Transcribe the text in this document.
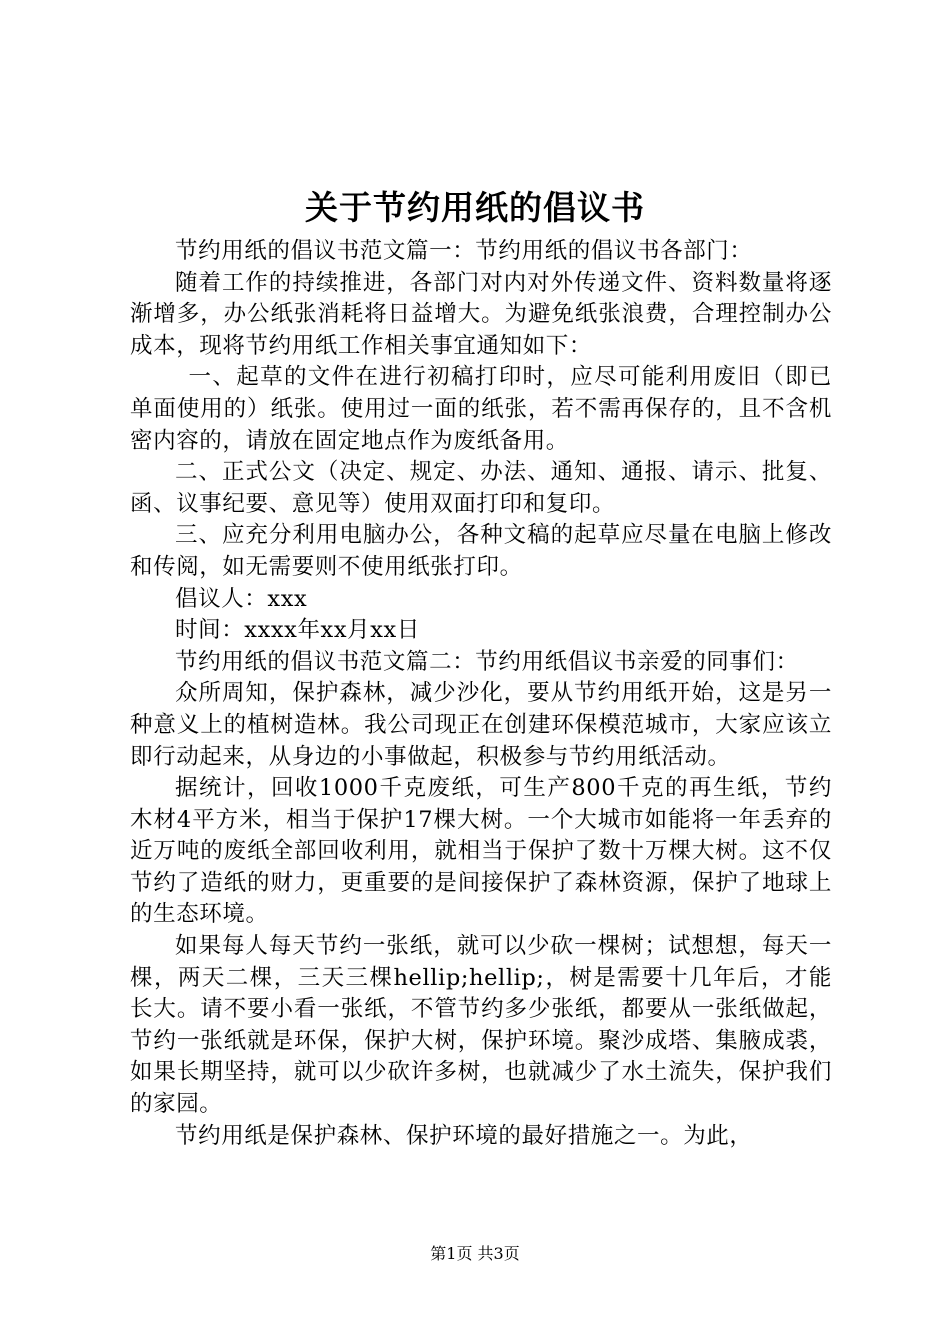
关于节约用纸的倡议书

节约用纸的倡议书范文篇一：节约用纸的倡议书各部门：

随着工作的持续推进，各部门对内对外传递文件、资料数量将逐渐增多，办公纸张消耗将日益增大。为避免纸张浪费，合理控制办公成本，现将节约用纸工作相关事宜通知如下：

一、起草的文件在进行初稿打印时，应尽可能利用废旧（即已单面使用的）纸张。使用过一面的纸张，若不需再保存的，且不含机密内容的，请放在固定地点作为废纸备用。

二、正式公文（决定、规定、办法、通知、通报、请示、批复、函、议事纪要、意见等）使用双面打印和复印。

三、应充分利用电脑办公，各种文稿的起草应尽量在电脑上修改和传阅，如无需要则不使用纸张打印。

倡议人：xxx

时间：xxxx年xx月xx日

节约用纸的倡议书范文篇二：节约用纸倡议书亲爱的同事们：

众所周知，保护森林，减少沙化，要从节约用纸开始，这是另一种意义上的植树造林。我公司现正在创建环保模范城市，大家应该立即行动起来，从身边的小事做起，积极参与节约用纸活动。

据统计，回收1000千克废纸，可生产800千克的再生纸，节约木材4平方米，相当于保护17棵大树。一个大城市如能将一年丢弃的近万吨的废纸全部回收利用，就相当于保护了数十万棵大树。这不仅节约了造纸的财力，更重要的是间接保护了森林资源，保护了地球上的生态环境。

如果每人每天节约一张纸，就可以少砍一棵树；试想想，每天一棵，两天二棵，三天三棵hellip;hellip;，树是需要十几年后，才能长大。请不要小看一张纸，不管节约多少张纸，都要从一张纸做起，节约一张纸就是环保，保护大树，保护环境。聚沙成塔、集腋成裘，如果长期坚持，就可以少砍许多树，也就减少了水土流失，保护我们的家园。

节约用纸是保护森林、保护环境的最好措施之一。为此，

第1页 共3页
